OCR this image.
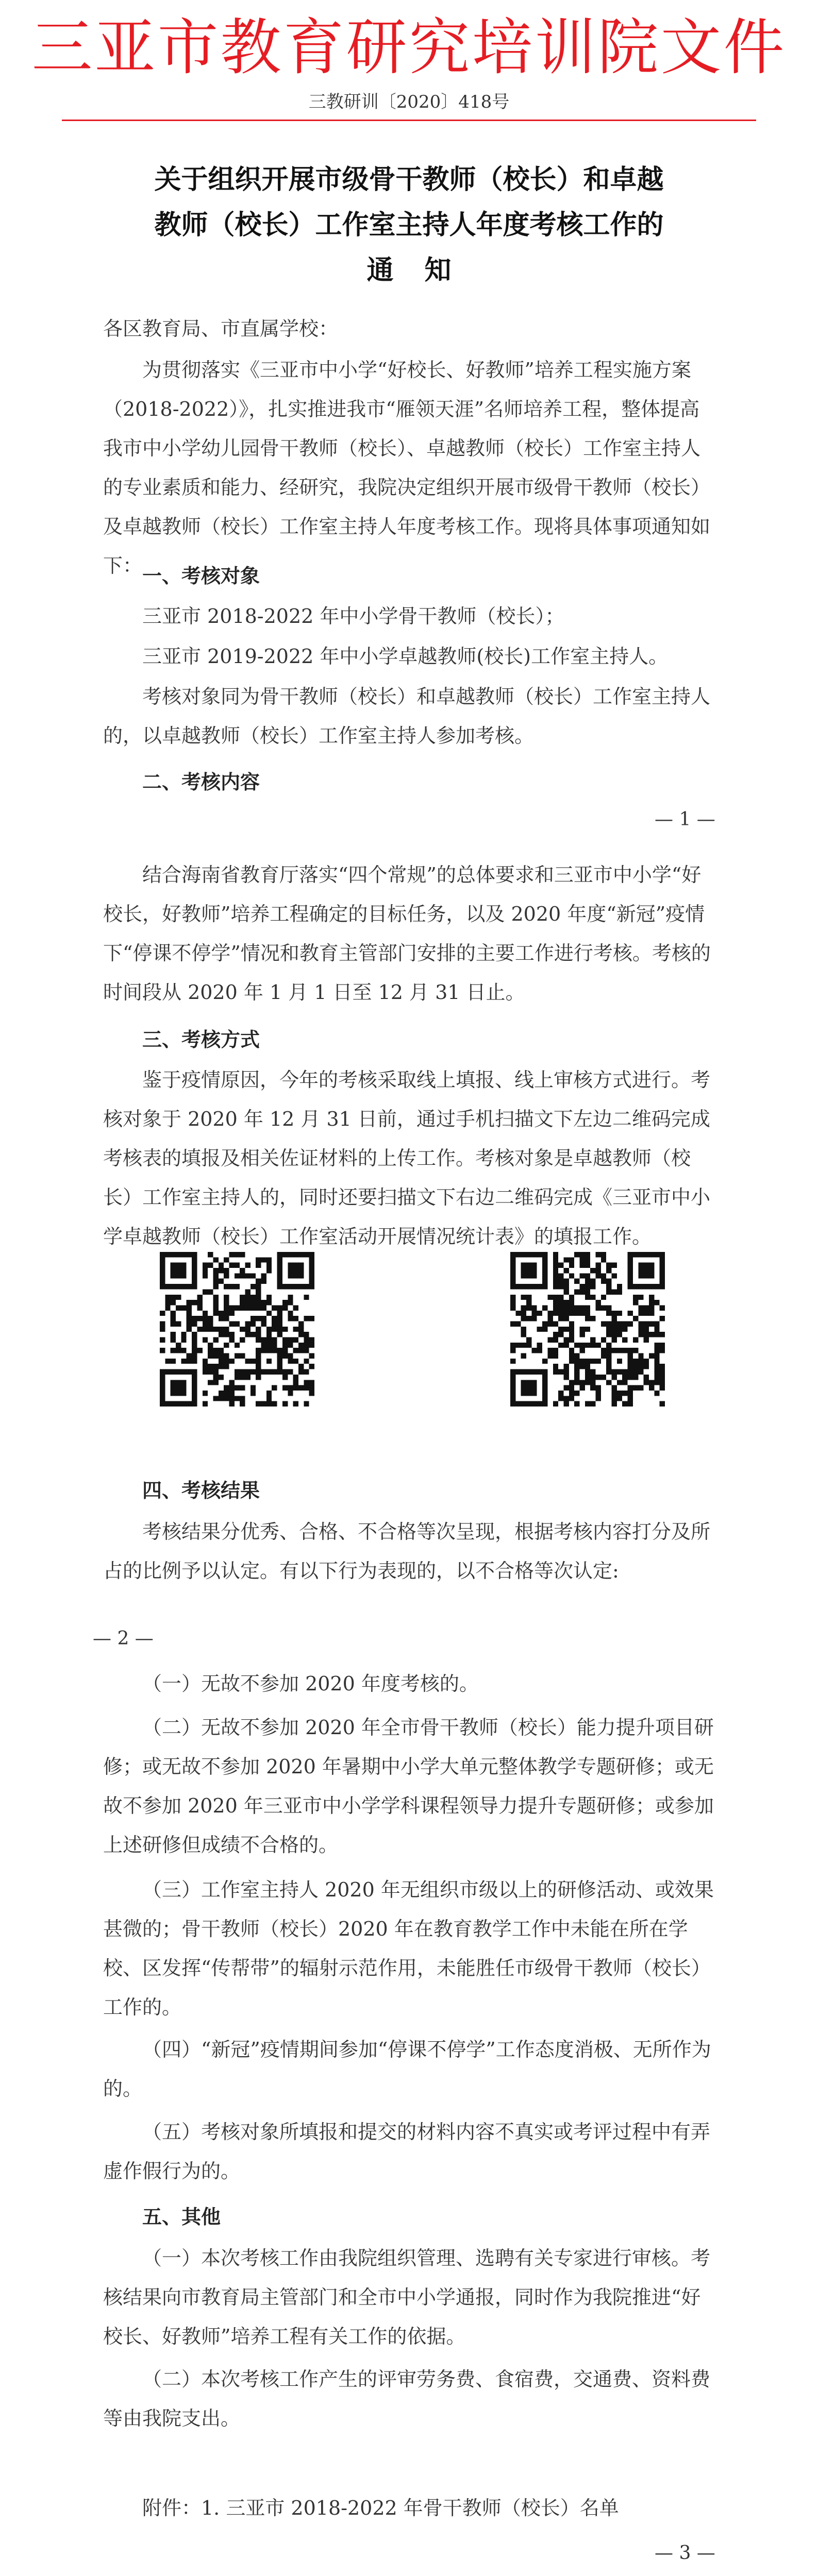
三亚市教育研究培训院文件
三教研训〔2020〕418号
关于组织开展市级骨干教师（校长）和卓越
教师（校长）工作室主持人年度考核工作的
通知
各区教育局、市直属学校：
为贯彻落实《三亚市中小学“好校长、好教师”培养工程实施方案（2018-2022）》，扎实推进我市“雁领天涯”名师培养工程，整体提高我市中小学幼儿园骨干教师（校长）、卓越教师（校长）工作室主持人的专业素质和能力、经研究，我院决定组织开展市级骨干教师（校长）及卓越教师（校长）工作室主持人年度考核工作。现将具体事项通知如下： 一、考核对象
三亚市 2018-2022 年中小学骨干教师（校长）；
三亚市 2019-2022 年中小学卓越教师(校长)工作室主持人。
考核对象同为骨干教师（校长）和卓越教师（校长）工作室主持人的，以卓越教师（校长）工作室主持人参加考核。
二、考核内容
— 1 —
结合海南省教育厅落实“四个常规”的总体要求和三亚市中小学“好校长，好教师”培养工程确定的目标任务，以及 2020 年度“新冠”疫情下“停课不停学”情况和教育主管部门安排的主要工作进行考核。考核的时间段从 2020 年 1 月 1 日至 12 月 31 日止。
三、考核方式
鉴于疫情原因，今年的考核采取线上填报、线上审核方式进行。考核对象于 2020 年 12 月 31 日前，通过手机扫描文下左边二维码完成考核表的填报及相关佐证材料的上传工作。考核对象是卓越教师（校长）工作室主持人的，同时还要扫描文下右边二维码完成《三亚市中小学卓越教师（校长）工作室活动开展情况统计表》的填报工作。
四、考核结果
考核结果分优秀、合格、不合格等次呈现，根据考核内容打分及所占的比例予以认定。有以下行为表现的，以不合格等次认定:
— 2 —
（一）无故不参加 2020 年度考核的。
（二）无故不参加 2020 年全市骨干教师（校长）能力提升项目研修；或无故不参加 2020 年暑期中小学大单元整体教学专题研修；或无故不参加 2020 年三亚市中小学学科课程领导力提升专题研修；或参加上述研修但成绩不合格的。
（三）工作室主持人 2020 年无组织市级以上的研修活动、或效果甚微的；骨干教师（校长）2020 年在教育教学工作中未能在所在学校、区发挥“传帮带”的辐射示范作用，未能胜任市级骨干教师（校长）工作的。
（四）“新冠”疫情期间参加“停课不停学”工作态度消极、无所作为的。
（五）考核对象所填报和提交的材料内容不真实或考评过程中有弄虚作假行为的。
五、其他
（一）本次考核工作由我院组织管理、选聘有关专家进行审核。考核结果向市教育局主管部门和全市中小学通报，同时作为我院推进“好校长、好教师”培养工程有关工作的依据。
（二）本次考核工作产生的评审劳务费、食宿费，交通费、资料费等由我院支出。
附件：1. 三亚市 2018-2022 年骨干教师（校长）名单
— 3 —
